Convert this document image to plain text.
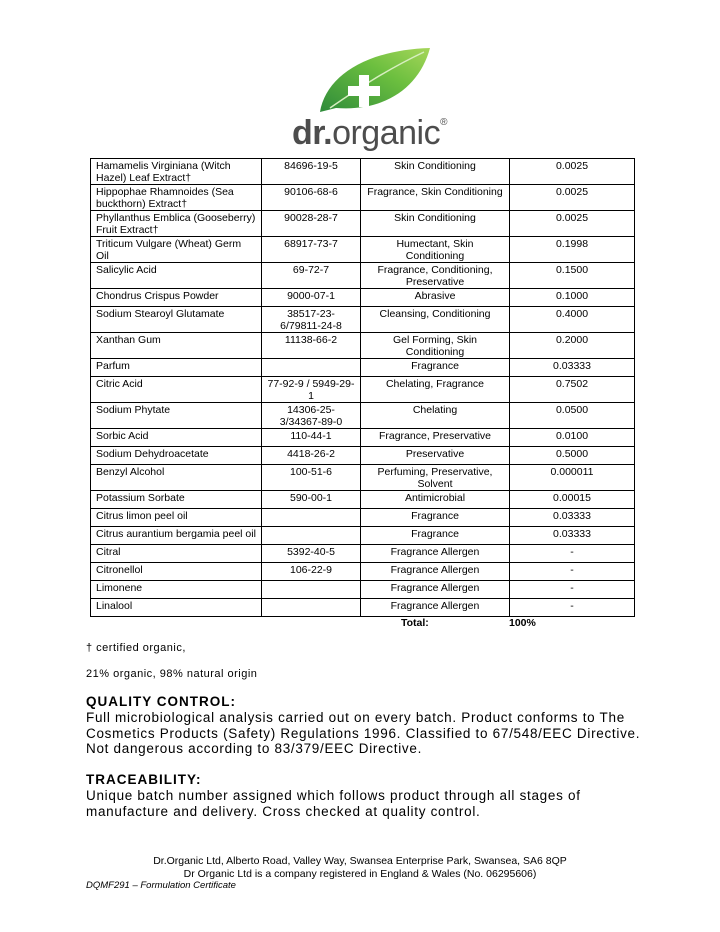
dr.organic®
Hamamelis Virginiana (Witch Hazel) Leaf Extract†	84696-19-5	Skin Conditioning	0.0025
Hippophae Rhamnoides (Sea buckthorn) Extract†	90106-68-6	Fragrance, Skin Conditioning	0.0025
Phyllanthus Emblica (Gooseberry) Fruit Extract†	90028-28-7	Skin Conditioning	0.0025
Triticum Vulgare (Wheat) Germ Oil	68917-73-7	Humectant, Skin Conditioning	0.1998
Salicylic Acid	69-72-7	Fragrance, Conditioning, Preservative	0.1500
Chondrus Crispus Powder	9000-07-1	Abrasive	0.1000
Sodium Stearoyl Glutamate	38517-23-6/79811-24-8	Cleansing, Conditioning	0.4000
Xanthan Gum	11138-66-2	Gel Forming, Skin Conditioning	0.2000
Parfum		Fragrance	0.03333
Citric Acid	77-92-9 / 5949-29-1	Chelating, Fragrance	0.7502
Sodium Phytate	14306-25-3/34367-89-0	Chelating	0.0500
Sorbic Acid	110-44-1	Fragrance, Preservative	0.0100
Sodium Dehydroacetate	4418-26-2	Preservative	0.5000
Benzyl Alcohol	100-51-6	Perfuming, Preservative, Solvent	0.000011
Potassium Sorbate	590-00-1	Antimicrobial	0.00015
Citrus limon peel oil		Fragrance	0.03333
Citrus aurantium bergamia peel oil		Fragrance	0.03333
Citral	5392-40-5	Fragrance Allergen	-
Citronellol	106-22-9	Fragrance Allergen	-
Limonene		Fragrance Allergen	-
Linalool		Fragrance Allergen	-
Total:	100%
† certified organic,
21% organic, 98% natural origin
QUALITY CONTROL:
Full microbiological analysis carried out on every batch. Product conforms to The
Cosmetics Products (Safety) Regulations 1996. Classified to 67/548/EEC Directive.
Not dangerous according to 83/379/EEC Directive.
TRACEABILITY:
Unique batch number assigned which follows product through all stages of
manufacture and delivery. Cross checked at quality control.
Dr.Organic Ltd, Alberto Road, Valley Way, Swansea Enterprise Park, Swansea, SA6 8QP
Dr Organic Ltd is a company registered in England & Wales (No. 06295606)
DQMF291 – Formulation Certificate
